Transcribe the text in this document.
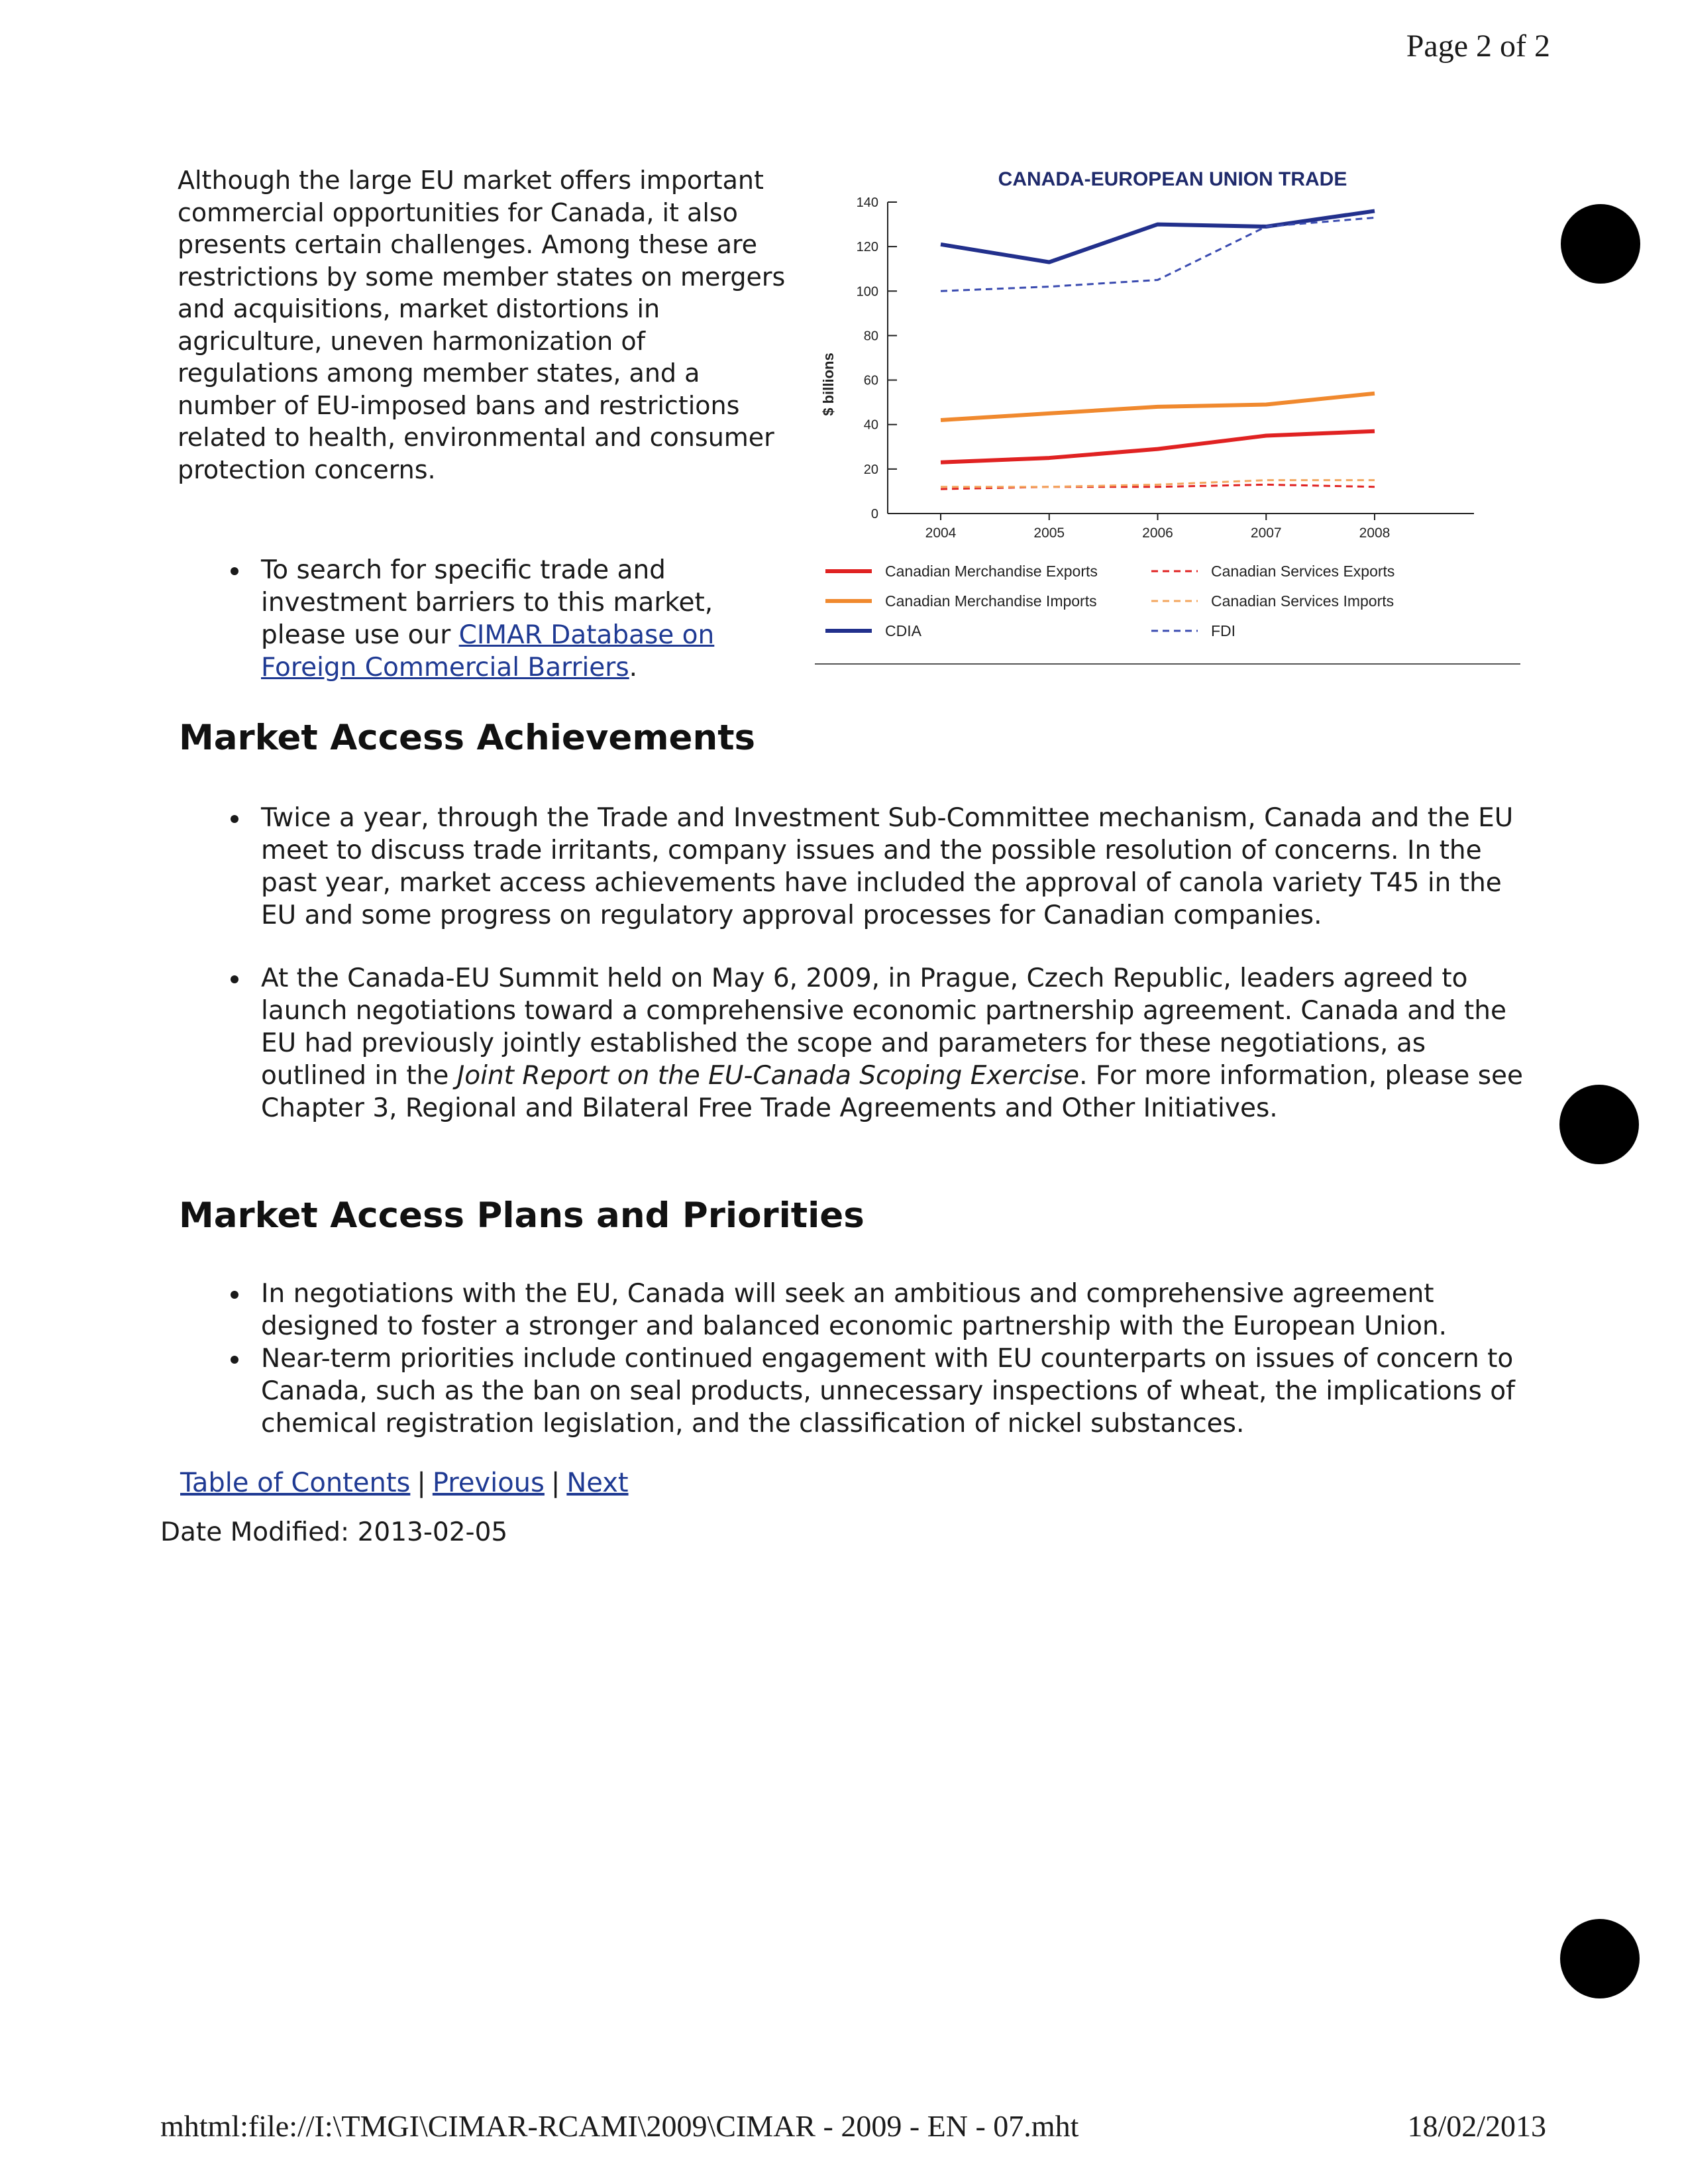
Page 2 of 2

Although the large EU market offers important commercial opportunities for Canada, it also presents certain challenges. Among these are restrictions by some member states on mergers and acquisitions, market distortions in agriculture, uneven harmonization of regulations among member states, and a number of EU-imposed bans and restrictions related to health, environmental and consumer protection concerns.

To search for specific trade and investment barriers to this market, please use our CIMAR Database on Foreign Commercial Barriers.
CANADA-EUROPEAN UNION TRADE
$ billions
0
20
40
60
80
100
120
140
2004	2005	2006	2007	2008
Canadian Merchandise Exports
Canadian Merchandise Imports
CDIA
Canadian Services Exports
Canadian Services Imports
FDI
Market Access Achievements
Twice a year, through the Trade and Investment Sub-Committee mechanism, Canada and the EU meet to discuss trade irritants, company issues and the possible resolution of concerns. In the past year, market access achievements have included the approval of canola variety T45 in the EU and some progress on regulatory approval processes for Canadian companies.
At the Canada-EU Summit held on May 6, 2009, in Prague, Czech Republic, leaders agreed to launch negotiations toward a comprehensive economic partnership agreement. Canada and the EU had previously jointly established the scope and parameters for these negotiations, as outlined in the Joint Report on the EU-Canada Scoping Exercise. For more information, please see Chapter 3, Regional and Bilateral Free Trade Agreements and Other Initiatives.
Market Access Plans and Priorities
In negotiations with the EU, Canada will seek an ambitious and comprehensive agreement designed to foster a stronger and balanced economic partnership with the European Union.
Near-term priorities include continued engagement with EU counterparts on issues of concern to Canada, such as the ban on seal products, unnecessary inspections of wheat, the implications of chemical registration legislation, and the classification of nickel substances.
Table of Contents | Previous | Next
Date Modified: 2013-02-05
mhtml:file://I:\TMGI\CIMAR-RCAMI\2009\CIMAR - 2009 - EN - 07.mht	18/02/2013
